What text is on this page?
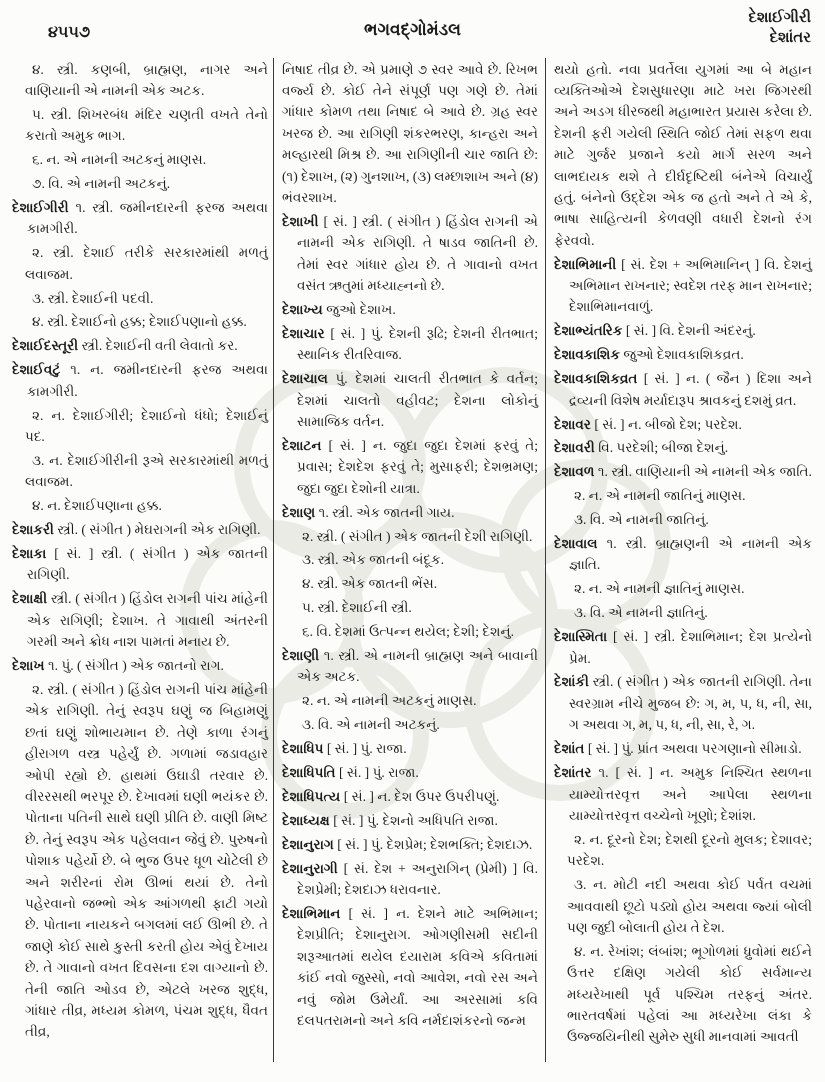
૪૫૫૭	ભગવદ્ગોમંડલ
દેશાઈગીરી
દેશાંતર

૪. સ્ત્રી. કણબી, બ્રાહ્મણ, નાગર અને વાણિયાની એ નામની એક અટક.

૫. સ્ત્રી. શિખરબંધ મંદિર ચણતી વખતે તેનો કરાતો અમુક ભાગ.

૬. ન. એ નામની અટકનું માણસ.

૭. વિ. એ નામની અટકનું.

દેશાઈગીરી ૧. સ્ત્રી. જમીનદારની ફરજ અથવા કામગીરી.

૨. સ્ત્રી. દેશાઈ તરીકે સરકારમાંથી મળતું લવાજમ.

૩. સ્ત્રી. દેશાઈની પદવી.

૪. સ્ત્રી. દેશાઈનો હક્ક; દેશાઈપણાનો હક્ક.

દેશાઈદસ્તૂરી સ્ત્રી. દેશાઈની વતી લેવાતો કર.

દેશાઈવટું ૧. ન. જમીનદારની ફરજ અથવા કામગીરી.

૨. ન. દેશાઈગીરી; દેશાઈનો ધંધો; દેશાઈનું પદ.

૩. ન. દેશાઈગીરીની રૂએ સરકારમાંથી મળતું લવાજમ.

૪. ન. દેશાઈપણાના હક્ક.

દેશાકરી સ્ત્રી. ( સંગીત ) મેઘરાગની એક રાગિણી.

દેશાકા [ સં. ] સ્ત્રી. ( સંગીત ) એક જાતની રાગિણી.

દેશાક્ષી સ્ત્રી. ( સંગીત ) હિંડોલ રાગની પાંચ માંહેની એક રાગિણી; દેશાખ. તે ગાવાથી અંતરની ગરમી અને ક્રોધ નાશ પામતાં મનાય છે.

દેશાખ ૧. પું. ( સંગીત ) એક જાતનો રાગ.

૨. સ્ત્રી. ( સંગીત ) હિંડોલ રાગની પાંચ માંહેની એક રાગિણી. તેનું સ્વરૂપ ઘણું જ બિહામણું છતાં ઘણું શોભાયમાન છે. તેણે કાળા રંગનું હીરાગળ વસ્ત્ર પહેર્યું છે. ગળામાં જડાવહાર ઓપી રહ્યો છે. હાથમાં ઉઘાડી તરવાર છે. વીરરસથી ભરપૂર છે. દેખાવમાં ઘણી ભયંકર છે. પોતાના પતિની સાથે ઘણી પ્રીતિ છે. વાણી મિષ્ટ છે. તેનું સ્વરૂપ એક પહેલવાન જેવું છે. પુરુષનો પોશાક પહેર્યો છે. બે ભુજ ઉપર ધૂળ ચોટેલી છે અને શરીરનાં રોમ ઊભાં થયાં છે. તેનો પહેરવાનો જભ્ભો એક આંગળથી ફાટી ગયો છે. પોતાના નાયકને બગલમાં લઈ ઊભી છે. તે જાણે કોઈ સાથે કુસ્તી કરતી હોય એવું દેખાય છે. તે ગાવાનો વખત દિવસના દશ વાગ્યાનો છે. તેની જાતિ ઓડવ છે, એટલે ખરજ શુદ્ધ, ગાંધાર તીવ્ર, મધ્યમ કોમળ, પંચમ શુદ્ધ, ધૈવત તીવ્ર,

નિષાદ તીવ્ર છે. એ પ્રમાણે ૭ સ્વર આવે છે. રિખભ વર્જ્ય છે. કોઈ તેને સંપૂર્ણ પણ ગણે છે. તેમાં ગાંધાર કોમળ તથા નિષાદ બે આવે છે. ગ્રહ સ્વર ખરજ છે. આ રાગિણી શંકરભરણ, કાન્હરા અને મલ્હારથી મિશ્ર છે. આ રાગિણીની ચાર જાતિ છે: (૧) દેશાખ, (૨) ગુનશાખ, (૩) લમ્છાશાખ અને (૪) ભંવરશાખ.

દેશાખી [ સં. ] સ્ત્રી. ( સંગીત ) હિંડોલ રાગની એ નામની એક રાગિણી. તે ષાડવ જાતિની છે. તેમાં સ્વર ગાંધાર હોય છે. તે ગાવાનો વખત વસંત ઋતુમાં મધ્યાહ્નનો છે.

દેશાખ્ય જુઓ દેશાખ.

દેશાચાર [ સં. ] પું. દેશની રૂઢિ; દેશની રીતભાત; સ્થાનિક રીતરિવાજ.

દેશાચાલ પું. દેશમાં ચાલતી રીતભાત કે વર્તન; દેશમાં ચાલતો વહીવટ; દેશના લોકોનું સામાજિક વર્તન.

દેશાટન [ સં. ] ન. જુદા જુદા દેશમાં ફરવું તે; પ્રવાસ; દેશદેશ ફરવું તે; મુસાફરી; દેશભ્રમણ; જુદા જુદા દેશોની યાત્રા.

દેશાણ ૧. સ્ત્રી. એક જાતની ગાય.

૨. સ્ત્રી. ( સંગીત ) એક જાતની દેશી રાગિણી.

૩. સ્ત્રી. એક જાતની બંદૂક.

૪. સ્ત્રી. એક જાતની ભેંસ.

૫. સ્ત્રી. દેશાઈની સ્ત્રી.

૬. વિ. દેશમાં ઉત્પન્ન થયેલ; દેશી; દેશનું.

દેશાણી ૧. સ્ત્રી. એ નામની બ્રાહ્મણ અને બાવાની એક અટક.

૨. ન. એ નામની અટકનું માણસ.

૩. વિ. એ નામની અટકનું.

દેશાધિપ [ સં. ] પું. રાજા.

દેશાધિપતિ [ સં. ] પું. રાજા.

દેશાધિપત્ય [ સં. ] ન. દેશ ઉપર ઉપરીપણું.

દેશાધ્યક્ષ [ સં. ] પું. દેશનો અધિપતિ રાજા.

દેશાનુરાગ [ સં. ] પું. દેશપ્રેમ; દેશભક્તિ; દેશદાઝ.

દેશાનુરાગી [ સં. દેશ + અનુરાગિન્ (પ્રેમી) ] વિ. દેશપ્રેમી; દેશદાઝ ધરાવનાર.

દેશાભિમાન [ સં. ] ન. દેશને માટે અભિમાન; દેશપ્રીતિ; દેશાનુરાગ. ઓગણીસમી સદીની શરૂઆતમાં થયેલ દયારામ કવિએ કવિતામાં કાંઈ નવો જુસ્સો, નવો આવેશ, નવો રસ અને નવું જોમ ઉમેર્યાં. આ અરસામાં કવિ દલપતરામનો અને કવિ નર્મદાશંકરનો જન્મ

થયો હતો. નવા પ્રવર્તેલા યુગમાં આ બે મહાન વ્યક્તિઓએ દેશસુધારણા માટે ખરા જિગરથી અને અડગ ધીરજથી મહાભારત પ્રયાસ કરેલા છે. દેશની ફરી ગયેલી સ્થિતિ જોઈ તેમાં સફળ થવા માટે ગુર્જર પ્રજાને કયો માર્ગ સરળ અને લાભદાયક થશે તે દીર્ઘદૃષ્ટિથી બંનેએ વિચાર્યું હતું. બંનેનો ઉદ્દેશ એક જ હતો અને તે એ કે, ભાષા સાહિત્યની કેળવણી વધારી દેશનો રંગ ફેરવવો.

દેશાભિમાની [ સં. દેશ + અભિમાનિન્ ] વિ. દેશનું અભિમાન રાખનાર; સ્વદેશ તરફ માન રાખનાર; દેશાભિમાનવાળું.

દેશાભ્યંતરિક [ સં. ] વિ. દેશની અંદરનું.

દેશાવકાશિક જુઓ દેશાવકાશિકવ્રત.

દેશાવકાશિકવ્રત [ સં. ] ન. ( જૈન ) દિશા અને દ્રવ્યની વિશેષ મર્યાદારૂપ શ્રાવકનું દશમું વ્રત.

દેશાવર [ સં. ] ન. બીજો દેશ; પરદેશ.

દેશાવરી વિ. પરદેશી; બીજા દેશનું.

દેશાવળ ૧. સ્ત્રી. વાણિયાની એ નામની એક જાતિ.

૨. ન. એ નામની જાતિનું માણસ.

૩. વિ. એ નામની જાતિનું.

દેશાવાલ ૧. સ્ત્રી. બ્રાહ્મણની એ નામની એક જ્ઞાતિ.

૨. ન. એ નામની જ્ઞાતિનું માણસ.

૩. વિ. એ નામની જ્ઞાતિનું.

દેશાસ્મિતા [ સં. ] સ્ત્રી. દેશાભિમાન; દેશ પ્રત્યેનો પ્રેમ.

દેશાંકી સ્ત્રી. ( સંગીત ) એક જાતની રાગિણી. તેના સ્વરગ્રામ નીચે મુજબ છે: ગ, મ, પ, ધ, ની, સા, ગ અથવા ગ, મ, પ, ધ, ની, સા, રે, ગ.

દેશાંત [ સં. ] પું. પ્રાંત અથવા પરગણાનો સીમાડો.

દેશાંતર ૧. [ સં. ] ન. અમુક નિશ્ચિત સ્થળના યામ્યોત્તરવૃત્ત અને આપેલા સ્થળના યામ્યોત્તરવૃત્ત વચ્ચેનો ખૂણો; દેશાંશ.

૨. ન. દૂરનો દેશ; દેશથી દૂરનો મુલક; દેશાવર; પરદેશ.

૩. ન. મોટી નદી અથવા કોઈ પર્વત વચમાં આવવાથી છૂટો પડ્યો હોય અથવા જ્યાં બોલી પણ જુદી બોલાતી હોય તે દેશ.

૪. ન. રેખાંશ; લંબાંશ; ભૂગોળમાં ધ્રુવોમાં થઈને ઉત્તર દક્ષિણ ગયેલી કોઈ સર્વમાન્ય મધ્યરેખાથી પૂર્વ પશ્ચિમ તરફનું અંતર. ભારતવર્ષમાં પહેલાં આ મધ્યરેખા લંકા કે ઉજ્જયિનીથી સુમેરુ સુધી માનવામાં આવતી
